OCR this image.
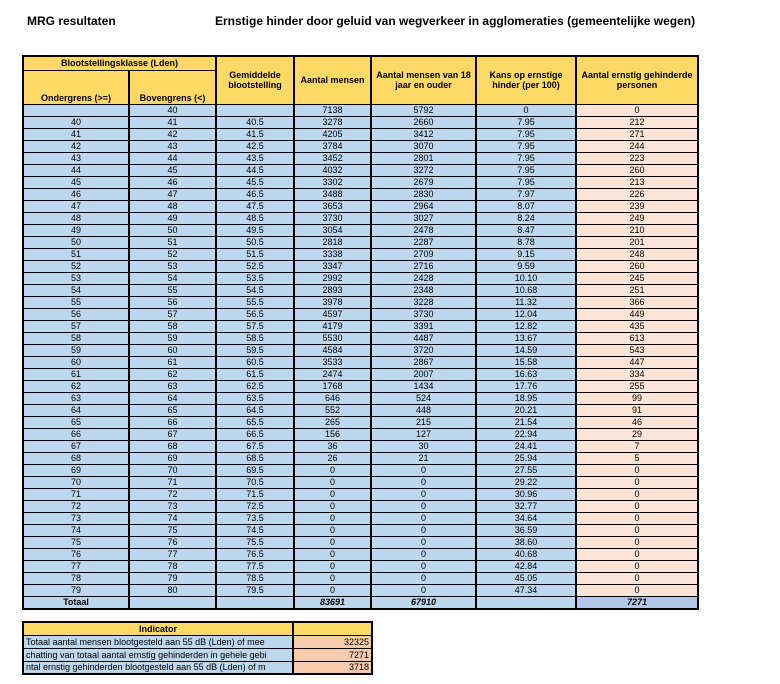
MRG resultaten	Ernstige hinder door geluid van wegverkeer in agglomeraties (gemeentelijke wegen)
Blootstellingsklasse (Lden)		Gemiddelde blootstelling	Aantal mensen	Aantal mensen van 18 jaar en ouder	Kans op ernstige hinder (per 100)	Aantal ernstig gehinderde personen
Ondergrens (>=)	Bovengrens (<)					
	40		7138	5792	0	0
40	41	40.5	3278	2660	7.95	212
41	42	41.5	4205	3412	7.95	271
42	43	42.5	3784	3070	7.95	244
43	44	43.5	3452	2801	7.95	223
44	45	44.5	4032	3272	7.95	260
45	46	45.5	3302	2679	7.95	213
46	47	46.5	3488	2830	7.97	226
47	48	47.5	3653	2964	8.07	239
48	49	48.5	3730	3027	8.24	249
49	50	49.5	3054	2478	8.47	210
50	51	50.5	2818	2287	8.78	201
51	52	51.5	3338	2709	9.15	248
52	53	52.5	3347	2716	9.59	260
53	54	53.5	2992	2428	10.10	245
54	55	54.5	2893	2348	10.68	251
55	56	55.5	3978	3228	11.32	366
56	57	56.5	4597	3730	12.04	449
57	58	57.5	4179	3391	12.82	435
58	59	58.5	5530	4487	13.67	613
59	60	59.5	4584	3720	14.59	543
60	61	60.5	3533	2867	15.58	447
61	62	61.5	2474	2007	16.63	334
62	63	62.5	1768	1434	17.76	255
63	64	63.5	646	524	18.95	99
64	65	64.5	552	448	20.21	91
65	66	65.5	265	215	21.54	46
66	67	66.5	156	127	22.94	29
67	68	67.5	36	30	24.41	7
68	69	68.5	26	21	25.94	5
69	70	69.5	0	0	27.55	0
70	71	70.5	0	0	29.22	0
71	72	71.5	0	0	30.96	0
72	73	72.5	0	0	32.77	0
73	74	73.5	0	0	34.64	0
74	75	74.5	0	0	36.59	0
75	76	75.5	0	0	38.60	0
76	77	76.5	0	0	40.68	0
77	78	77.5	0	0	42.84	0
78	79	78.5	0	0	45.05	0
79	80	79.5	0	0	47.34	0
Totaal			83691	67910		7271
Indicator	
Totaal aantal mensen blootgesteld aan 55 dB (Lden) of mee	32325
chatting van totaal aantal ernstig gehinderden in gehele gebi	7271
ntal ernstig gehinderden blootgesteld aan 55 dB (Lden) of m	3718
